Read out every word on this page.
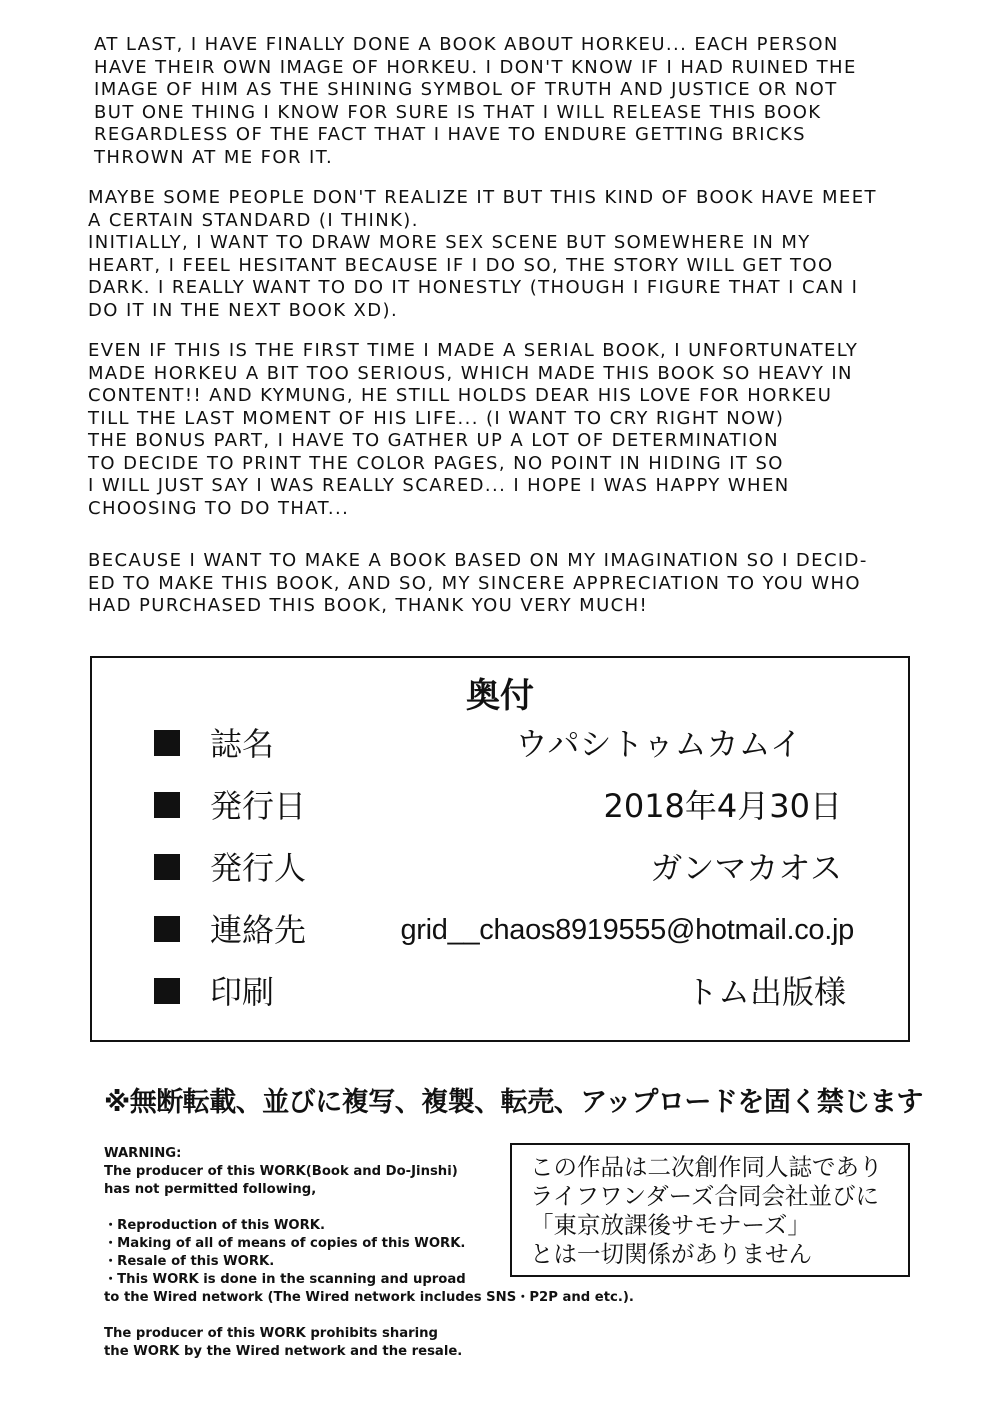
AT LAST, I HAVE FINALLY DONE A BOOK ABOUT HORKEU... EACH PERSON
HAVE THEIR OWN IMAGE OF HORKEU. I DON'T KNOW IF I HAD RUINED THE
IMAGE OF HIM AS THE SHINING SYMBOL OF TRUTH AND JUSTICE OR NOT
BUT ONE THING I KNOW FOR SURE IS THAT I WILL RELEASE THIS BOOK
REGARDLESS OF THE FACT THAT I HAVE TO ENDURE GETTING BRICKS
THROWN AT ME FOR IT.

MAYBE SOME PEOPLE DON'T REALIZE IT BUT THIS KIND OF BOOK HAVE MEET
A CERTAIN STANDARD (I THINK).
INITIALLY, I WANT TO DRAW MORE SEX SCENE BUT SOMEWHERE IN MY
HEART, I FEEL HESITANT BECAUSE IF I DO SO, THE STORY WILL GET TOO
DARK. I REALLY WANT TO DO IT HONESTLY (THOUGH I FIGURE THAT I CAN I
DO IT IN THE NEXT BOOK XD).

EVEN IF THIS IS THE FIRST TIME I MADE A SERIAL BOOK, I UNFORTUNATELY
MADE HORKEU A BIT TOO SERIOUS, WHICH MADE THIS BOOK SO HEAVY IN
CONTENT!! AND KYMUNG, HE STILL HOLDS DEAR HIS LOVE FOR HORKEU
TILL THE LAST MOMENT OF HIS LIFE... (I WANT TO CRY RIGHT NOW)
THE BONUS PART, I HAVE TO GATHER UP A LOT OF DETERMINATION
TO DECIDE TO PRINT THE COLOR PAGES, NO POINT IN HIDING IT SO
I WILL JUST SAY I WAS REALLY SCARED... I HOPE I WAS HAPPY WHEN
CHOOSING TO DO THAT...

BECAUSE I WANT TO MAKE A BOOK BASED ON MY IMAGINATION SO I DECID-
ED TO MAKE THIS BOOK, AND SO, MY SINCERE APPRECIATION TO YOU WHO
HAD PURCHASED THIS BOOK, THANK YOU VERY MUCH!

奥付
誌名	ウパシトゥムカムイ
発行日	2018年4月30日
発行人	ガンマカオス
連絡先	grid__chaos8919555@hotmail.co.jp
印刷	トム出版様
※無断転載、並びに複写、複製、転売、アップロードを固く禁じます
WARNING:
The producer of this WORK(Book and Do-Jinshi)
has not permitted following,
・Reproduction of this WORK.
・Making of all of means of copies of this WORK.
・Resale of this WORK.
・This WORK is done in the scanning and uproad
to the Wired network (The Wired network includes SNS・P2P and etc.).
The producer of this WORK prohibits sharing
the WORK by the Wired network and the resale.
この作品は二次創作同人誌であり
ライフワンダーズ合同会社並びに
「東京放課後サモナーズ」
とは一切関係がありません
